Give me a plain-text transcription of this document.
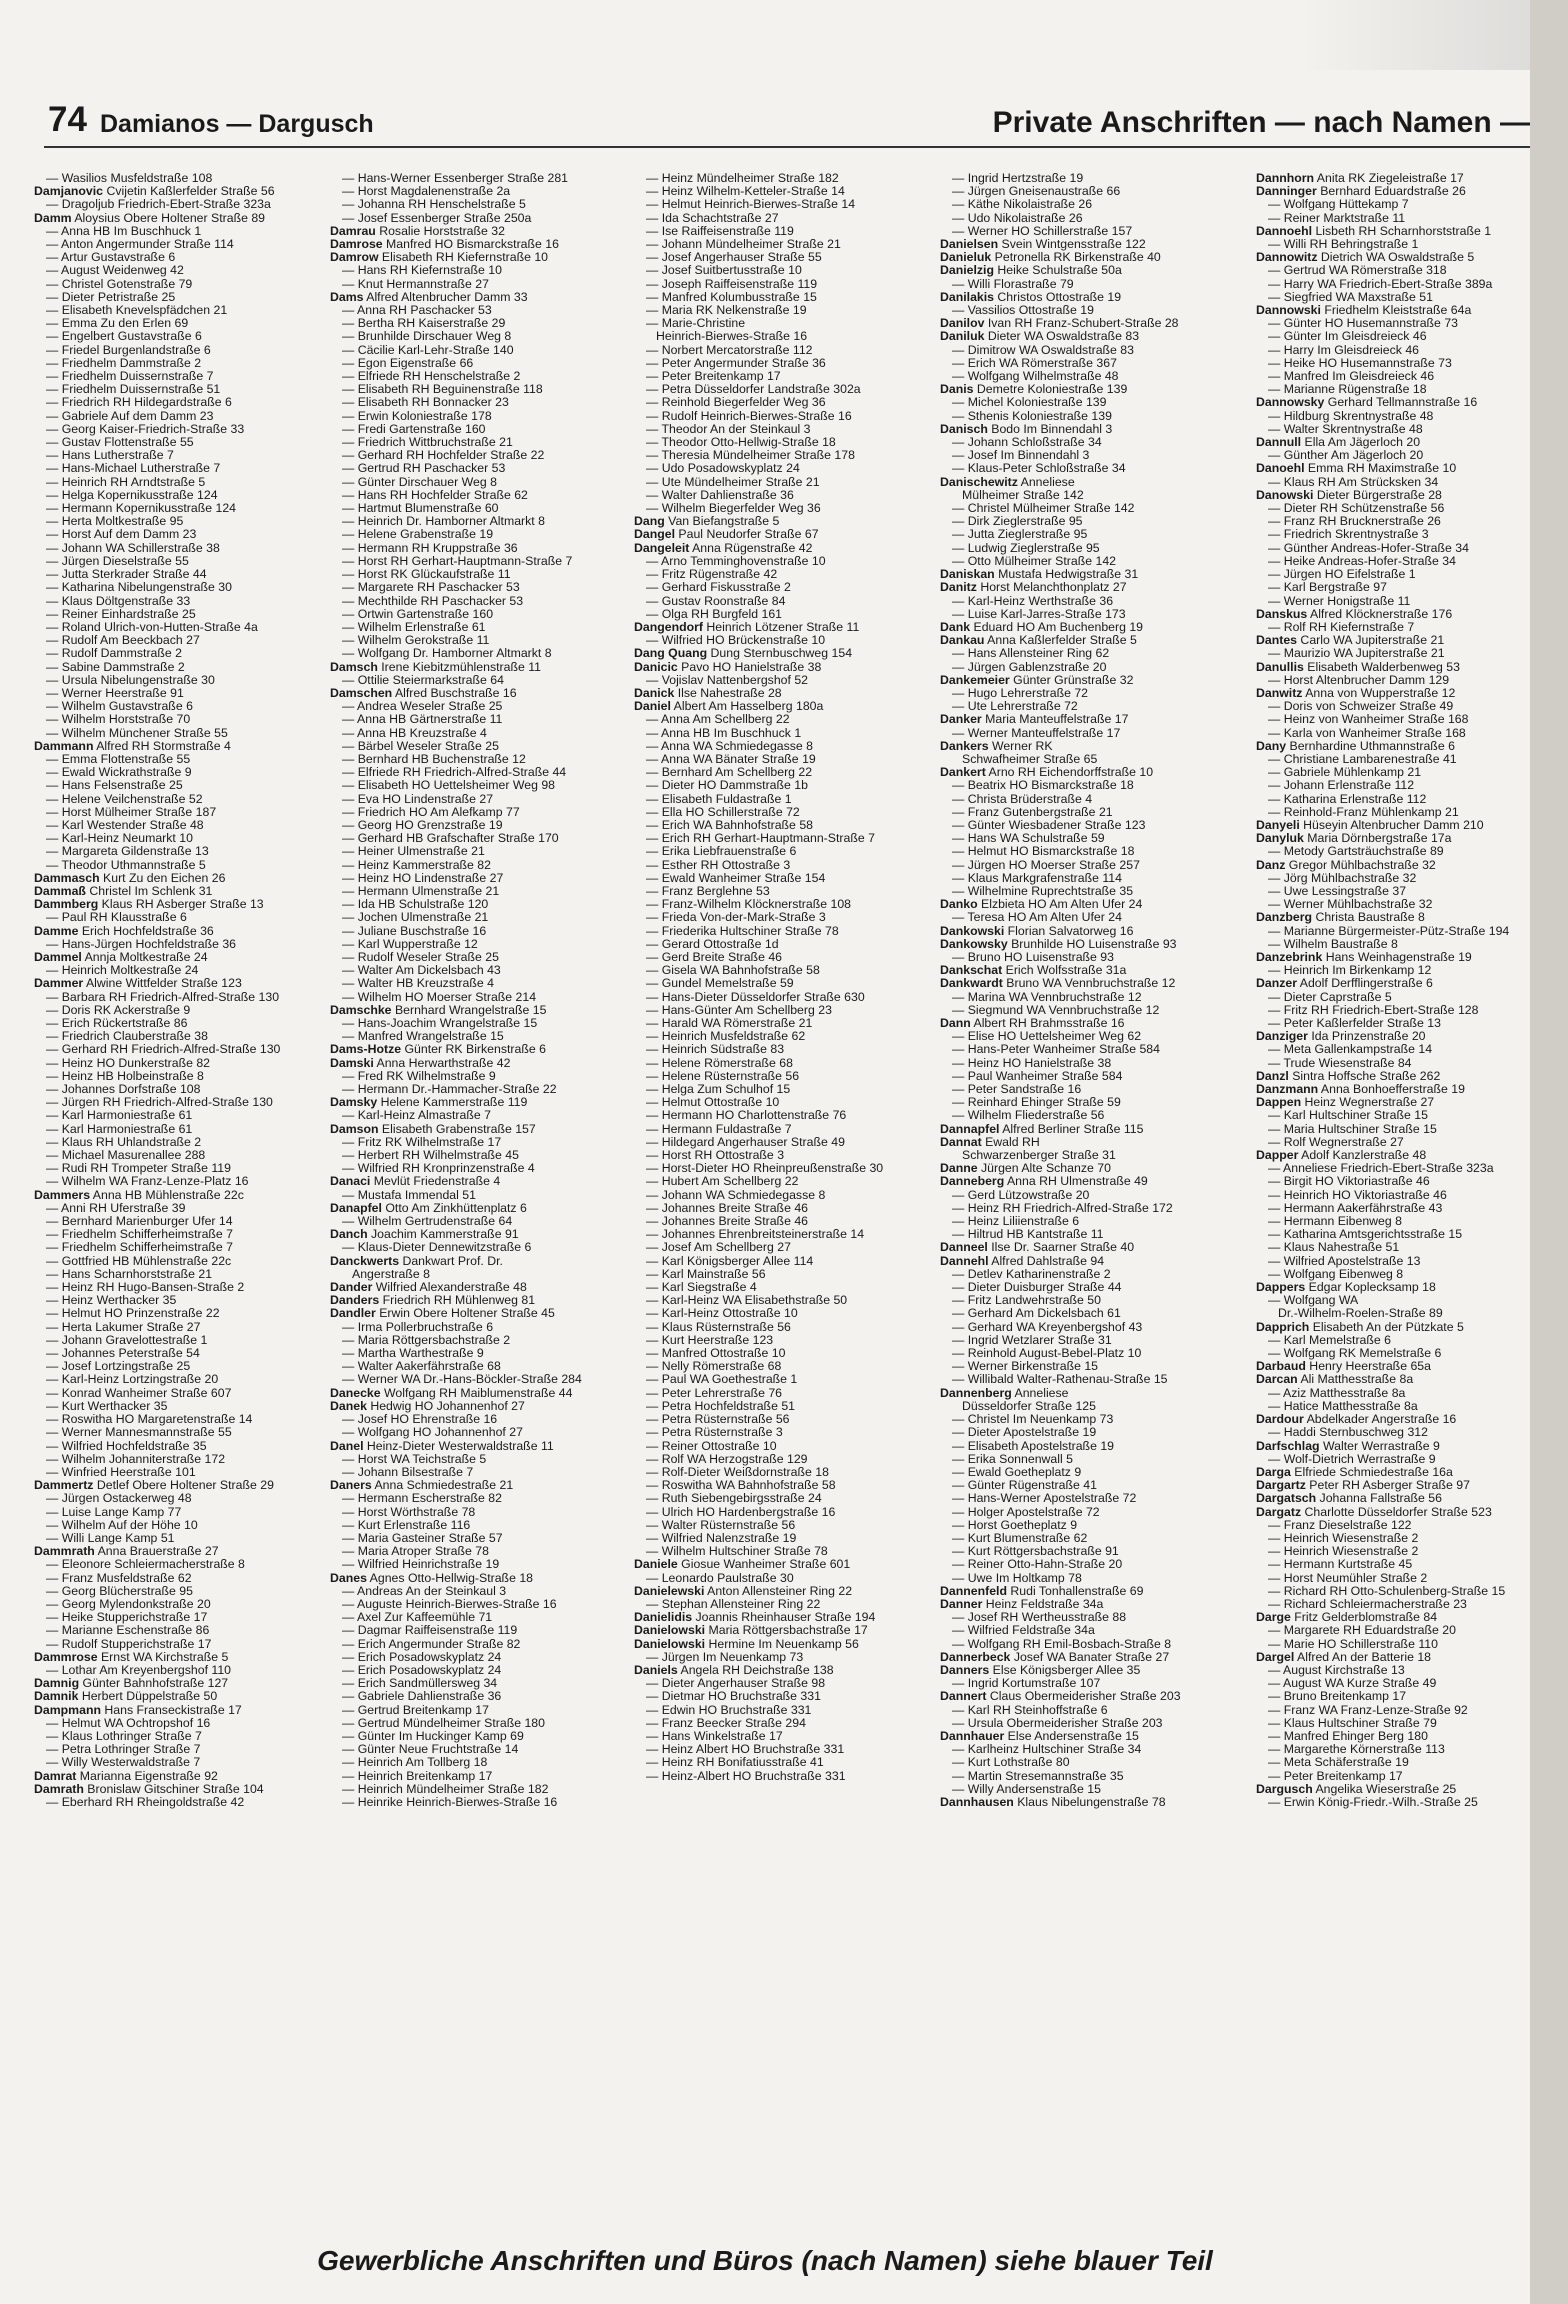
74 Damianos — Dargusch	Private Anschriften — nach Namen —
— Wasilios Musfeldstraße 108
Damjanovic Cvijetin Kaßlerfelder Straße 56
— Dragoljub Friedrich-Ebert-Straße 323a
Damm Aloysius Obere Holtener Straße 89
— Anna HB Im Buschhuck 1
— Anton Angermunder Straße 114
— Artur Gustavstraße 6
— August Weidenweg 42
— Christel Gotenstraße 79
— Dieter Petristraße 25
— Elisabeth Knevelspfädchen 21
— Emma Zu den Erlen 69
— Engelbert Gustavstraße 6
— Friedel Burgenlandstraße 6
— Friedhelm Dammstraße 2
— Friedhelm Duissernstraße 7
— Friedhelm Duissernstraße 51
— Friedrich RH Hildegardstraße 6
— Gabriele Auf dem Damm 23
— Georg Kaiser-Friedrich-Straße 33
— Gustav Flottenstraße 55
— Hans Lutherstraße 7
— Hans-Michael Lutherstraße 7
— Heinrich RH Arndtstraße 5
— Helga Kopernikusstraße 124
— Hermann Kopernikusstraße 124
— Herta Moltkestraße 95
— Horst Auf dem Damm 23
— Johann WA Schillerstraße 38
— Jürgen Dieselstraße 55
— Jutta Sterkrader Straße 44
— Katharina Nibelungenstraße 30
— Klaus Döltgenstraße 33
— Reiner Einhardstraße 25
— Roland Ulrich-von-Hutten-Straße 4a
— Rudolf Am Beeckbach 27
— Rudolf Dammstraße 2
— Sabine Dammstraße 2
— Ursula Nibelungenstraße 30
— Werner Heerstraße 91
— Wilhelm Gustavstraße 6
— Wilhelm Horststraße 70
— Wilhelm Münchener Straße 55
Dammann Alfred RH Stormstraße 4
— Emma Flottenstraße 55
— Ewald Wickrathstraße 9
— Hans Felsenstraße 25
— Helene Veilchenstraße 52
— Horst Mülheimer Straße 187
— Karl Westender Straße 48
— Karl-Heinz Neumarkt 10
— Margareta Gildenstraße 13
— Theodor Uthmannstraße 5
Dammasch Kurt Zu den Eichen 26
Dammaß Christel Im Schlenk 31
Dammberg Klaus RH Asberger Straße 13
— Paul RH Klausstraße 6
Damme Erich Hochfeldstraße 36
— Hans-Jürgen Hochfeldstraße 36
Dammel Annja Moltkestraße 24
— Heinrich Moltkestraße 24
Dammer Alwine Wittfelder Straße 123
— Barbara RH Friedrich-Alfred-Straße 130
— Doris RK Ackerstraße 9
— Erich Rückertstraße 86
— Friedrich Clauberstraße 38
— Gerhard RH Friedrich-Alfred-Straße 130
— Heinz HO Dunkerstraße 82
— Heinz HB Holbeinstraße 8
— Johannes Dorfstraße 108
— Jürgen RH Friedrich-Alfred-Straße 130
— Karl Harmoniestraße 61
— Karl Harmoniestraße 61
— Klaus RH Uhlandstraße 2
— Michael Masurenallee 288
— Rudi RH Trompeter Straße 119
— Wilhelm WA Franz-Lenze-Platz 16
Dammers Anna HB Mühlenstraße 22c
— Anni RH Uferstraße 39
— Bernhard Marienburger Ufer 14
— Friedhelm Schifferheimstraße 7
— Friedhelm Schifferheimstraße 7
— Gottfried HB Mühlenstraße 22c
— Hans Scharnhorststraße 21
— Heinz RH Hugo-Bansen-Straße 2
— Heinz Werthacker 35
— Helmut HO Prinzenstraße 22
— Herta Lakumer Straße 27
— Johann Gravelottestraße 1
— Johannes Peterstraße 54
— Josef Lortzingstraße 25
— Karl-Heinz Lortzingstraße 20
— Konrad Wanheimer Straße 607
— Kurt Werthacker 35
— Roswitha HO Margaretenstraße 14
— Werner Mannesmannstraße 55
— Wilfried Hochfeldstraße 35
— Wilhelm Johanniterstraße 172
— Winfried Heerstraße 101
Dammertz Detlef Obere Holtener Straße 29
— Jürgen Ostackerweg 48
— Luise Lange Kamp 77
— Wilhelm Auf der Höhe 10
— Willi Lange Kamp 51
Dammrath Anna Brauerstraße 27
— Eleonore Schleiermacherstraße 8
— Franz Musfeldstraße 62
— Georg Blücherstraße 95
— Georg Mylendonkstraße 20
— Heike Stupperichstraße 17
— Marianne Eschenstraße 86
— Rudolf Stupperichstraße 17
Dammrose Ernst WA Kirchstraße 5
— Lothar Am Kreyenbergshof 110
Damnig Günter Bahnhofstraße 127
Damnik Herbert Düppelstraße 50
Dampmann Hans Franseckistraße 17
— Helmut WA Ochtropshof 16
— Klaus Lothringer Straße 7
— Petra Lothringer Straße 7
— Willy Westerwaldstraße 7
Damrat Marianna Eigenstraße 92
Damrath Bronislaw Gitschiner Straße 104
— Eberhard RH Rheingoldstraße 42
— Hans-Werner Essenberger Straße 281
— Horst Magdalenenstraße 2a
— Johanna RH Henschelstraße 5
— Josef Essenberger Straße 250a
Damrau Rosalie Horststraße 32
Damrose Manfred HO Bismarckstraße 16
Damrow Elisabeth RH Kiefernstraße 10
— Hans RH Kiefernstraße 10
— Knut Hermannstraße 27
Dams Alfred Altenbrucher Damm 33
— Anna RH Paschacker 53
— Bertha RH Kaiserstraße 29
— Brunhilde Dirschauer Weg 8
— Cäcilie Karl-Lehr-Straße 140
— Egon Eigenstraße 66
— Elfriede RH Henschelstraße 2
— Elisabeth RH Beguinenstraße 118
— Elisabeth RH Bonnacker 23
— Erwin Koloniestraße 178
— Fredi Gartenstraße 160
— Friedrich Wittbruchstraße 21
— Gerhard RH Hochfelder Straße 22
— Gertrud RH Paschacker 53
— Günter Dirschauer Weg 8
— Hans RH Hochfelder Straße 62
— Hartmut Blumenstraße 60
— Heinrich Dr. Hamborner Altmarkt 8
— Helene Grabenstraße 19
— Hermann RH Kruppstraße 36
— Horst RH Gerhart-Hauptmann-Straße 7
— Horst RK Glückaufstraße 11
— Margarete RH Paschacker 53
— Mechthilde RH Paschacker 53
— Ortwin Gartenstraße 160
— Wilhelm Erlenstraße 61
— Wilhelm Gerokstraße 11
— Wolfgang Dr. Hamborner Altmarkt 8
Damsch Irene Kiebitzmühlenstraße 11
— Ottilie Steiermarkstraße 64
Damschen Alfred Buschstraße 16
— Andrea Weseler Straße 25
— Anna HB Gärtnerstraße 11
— Anna HB Kreuzstraße 4
— Bärbel Weseler Straße 25
— Bernhard HB Buchenstraße 12
— Elfriede RH Friedrich-Alfred-Straße 44
— Elisabeth HO Uettelsheimer Weg 98
— Eva HO Lindenstraße 27
— Friedrich HO Am Alefkamp 77
— Georg HO Grenzstraße 19
— Gerhard HB Grafschafter Straße 170
— Heiner Ulmenstraße 21
— Heinz Kammerstraße 82
— Heinz HO Lindenstraße 27
— Hermann Ulmenstraße 21
— Ida HB Schulstraße 120
— Jochen Ulmenstraße 21
— Juliane Buschstraße 16
— Karl Wupperstraße 12
— Rudolf Weseler Straße 25
— Walter Am Dickelsbach 43
— Walter HB Kreuzstraße 4
— Wilhelm HO Moerser Straße 214
Damschke Bernhard Wrangelstraße 15
— Hans-Joachim Wrangelstraße 15
— Manfred Wrangelstraße 15
Dams-Hotze Günter RK Birkenstraße 6
Damski Anna Herwarthstraße 42
— Fred RK Wilhelmstraße 9
— Hermann Dr.-Hammacher-Straße 22
Damsky Helene Kammerstraße 119
— Karl-Heinz Almastraße 7
Damson Elisabeth Grabenstraße 157
— Fritz RK Wilhelmstraße 17
— Herbert RH Wilhelmstraße 45
— Wilfried RH Kronprinzenstraße 4
Danaci Mevlüt Friedenstraße 4
— Mustafa Immendal 51
Danapfel Otto Am Zinkhüttenplatz 6
— Wilhelm Gertrudenstraße 64
Danch Joachim Kammerstraße 91
— Klaus-Dieter Dennewitzstraße 6
Danckwerts Dankwart Prof. Dr.
Angerstraße 8
Dander Wilfried Alexanderstraße 48
Danders Friedrich RH Mühlenweg 81
Dandler Erwin Obere Holtener Straße 45
— Irma Pollerbruchstraße 6
— Maria Röttgersbachstraße 2
— Martha Warthestraße 9
— Walter Aakerfährstraße 68
— Werner WA Dr.-Hans-Böckler-Straße 284
Danecke Wolfgang RH Maiblumenstraße 44
Danek Hedwig HO Johannenhof 27
— Josef HO Ehrenstraße 16
— Wolfgang HO Johannenhof 27
Danel Heinz-Dieter Westerwaldstraße 11
— Horst WA Teichstraße 5
— Johann Bilsestraße 7
Daners Anna Schmiedestraße 21
— Hermann Escherstraße 82
— Horst Wörthstraße 78
— Kurt Erlenstraße 116
— Maria Gasteiner Straße 57
— Maria Atroper Straße 78
— Wilfried Heinrichstraße 19
Danes Agnes Otto-Hellwig-Straße 18
— Andreas An der Steinkaul 3
— Auguste Heinrich-Bierwes-Straße 16
— Axel Zur Kaffeemühle 71
— Dagmar Raiffeisenstraße 119
— Erich Angermunder Straße 82
— Erich Posadowskyplatz 24
— Erich Posadowskyplatz 24
— Erich Sandmüllersweg 34
— Gabriele Dahlienstraße 36
— Gertrud Breitenkamp 17
— Gertrud Mündelheimer Straße 180
— Günter Im Huckinger Kamp 69
— Günter Neue Fruchtstraße 14
— Heinrich Am Tollberg 18
— Heinrich Breitenkamp 17
— Heinrich Mündelheimer Straße 182
— Heinrike Heinrich-Bierwes-Straße 16
— Heinz Mündelheimer Straße 182
— Heinz Wilhelm-Ketteler-Straße 14
— Helmut Heinrich-Bierwes-Straße 14
— Ida Schachtstraße 27
— Ise Raiffeisenstraße 119
— Johann Mündelheimer Straße 21
— Josef Angerhauser Straße 55
— Josef Suitbertusstraße 10
— Joseph Raiffeisenstraße 119
— Manfred Kolumbusstraße 15
— Maria RK Nelkenstraße 19
— Marie-Christine
Heinrich-Bierwes-Straße 16
— Norbert Mercatorstraße 112
— Peter Angermunder Straße 36
— Peter Breitenkamp 17
— Petra Düsseldorfer Landstraße 302a
— Reinhold Biegerfelder Weg 36
— Rudolf Heinrich-Bierwes-Straße 16
— Theodor An der Steinkaul 3
— Theodor Otto-Hellwig-Straße 18
— Theresia Mündelheimer Straße 178
— Udo Posadowskyplatz 24
— Ute Mündelheimer Straße 21
— Walter Dahlienstraße 36
— Wilhelm Biegerfelder Weg 36
Dang Van Biefangstraße 5
Dangel Paul Neudorfer Straße 67
Dangeleit Anna Rügenstraße 42
— Arno Temminghovenstraße 10
— Fritz Rügenstraße 42
— Gerhard Fiskusstraße 2
— Gustav Roonstraße 84
— Olga RH Burgfeld 161
Dangendorf Heinrich Lötzener Straße 11
— Wilfried HO Brückenstraße 10
Dang Quang Dung Sternbuschweg 154
Danicic Pavo HO Hanielstraße 38
— Vojislav Nattenbergshof 52
Danick Ilse Nahestraße 28
Daniel Albert Am Hasselberg 180a
— Anna Am Schellberg 22
— Anna HB Im Buschhuck 1
— Anna WA Schmiedegasse 8
— Anna WA Bänater Straße 19
— Bernhard Am Schellberg 22
— Dieter HO Dammstraße 1b
— Elisabeth Fuldastraße 1
— Ella HO Schillerstraße 72
— Erich WA Bahnhofstraße 58
— Erich RH Gerhart-Hauptmann-Straße 7
— Erika Liebfrauenstraße 6
— Esther RH Ottostraße 3
— Ewald Wanheimer Straße 154
— Franz Berglehne 53
— Franz-Wilhelm Klöcknerstraße 108
— Frieda Von-der-Mark-Straße 3
— Friederika Hultschiner Straße 78
— Gerard Ottostraße 1d
— Gerd Breite Straße 46
— Gisela WA Bahnhofstraße 58
— Gundel Memelstraße 59
— Hans-Dieter Düsseldorfer Straße 630
— Hans-Günter Am Schellberg 23
— Harald WA Römerstraße 21
— Heinrich Musfeldstraße 62
— Heinrich Südstraße 83
— Helene Römerstraße 68
— Helene Rüsternstraße 56
— Helga Zum Schulhof 15
— Helmut Ottostraße 10
— Hermann HO Charlottenstraße 76
— Hermann Fuldastraße 7
— Hildegard Angerhauser Straße 49
— Horst RH Ottostraße 3
— Horst-Dieter HO Rheinpreußenstraße 30
— Hubert Am Schellberg 22
— Johann WA Schmiedegasse 8
— Johannes Breite Straße 46
— Johannes Breite Straße 46
— Johannes Ehrenbreitsteinerstraße 14
— Josef Am Schellberg 27
— Karl Königsberger Allee 114
— Karl Mainstraße 56
— Karl Siegstraße 4
— Karl-Heinz WA Elisabethstraße 50
— Karl-Heinz Ottostraße 10
— Klaus Rüsternstraße 56
— Kurt Heerstraße 123
— Manfred Ottostraße 10
— Nelly Römerstraße 68
— Paul WA Goethestraße 1
— Peter Lehrerstraße 76
— Petra Hochfeldstraße 51
— Petra Rüsternstraße 56
— Petra Rüsternstraße 3
— Reiner Ottostraße 10
— Rolf WA Herzogstraße 129
— Rolf-Dieter Weißdornstraße 18
— Roswitha WA Bahnhofstraße 58
— Ruth Siebengebirgsstraße 24
— Ulrich HO Hardenbergstraße 16
— Walter Rüsternstraße 56
— Wilfried Nalenzstraße 19
— Wilhelm Hultschiner Straße 78
Daniele Giosue Wanheimer Straße 601
— Leonardo Paulstraße 30
Danielewski Anton Allensteiner Ring 22
— Stephan Allensteiner Ring 22
Danielidis Joannis Rheinhauser Straße 194
Danielowski Maria Röttgersbachstraße 17
Danielowski Hermine Im Neuenkamp 56
— Jürgen Im Neuenkamp 73
Daniels Angela RH Deichstraße 138
— Dieter Angerhauser Straße 98
— Dietmar HO Bruchstraße 331
— Edwin HO Bruchstraße 331
— Franz Beecker Straße 294
— Hans Winkelstraße 17
— Heinz Albert HO Bruchstraße 331
— Heinz RH Bonifatiusstraße 41
— Heinz-Albert HO Bruchstraße 331
— Ingrid Hertzstraße 19
— Jürgen Gneisenaustraße 66
— Käthe Nikolaistraße 26
— Udo Nikolaistraße 26
— Werner HO Schillerstraße 157
Danielsen Svein Wintgensstraße 122
Danieluk Petronella RK Birkenstraße 40
Danielzig Heike Schulstraße 50a
— Willi Florastraße 79
Danilakis Christos Ottostraße 19
— Vassilios Ottostraße 19
Danilov Ivan RH Franz-Schubert-Straße 28
Daniluk Dieter WA Oswaldstraße 83
— Dimitrow WA Oswaldstraße 83
— Erich WA Römerstraße 367
— Wolfgang Wilhelmstraße 48
Danis Demetre Koloniestraße 139
— Michel Koloniestraße 139
— Sthenis Koloniestraße 139
Danisch Bodo Im Binnendahl 3
— Johann Schloßstraße 34
— Josef Im Binnendahl 3
— Klaus-Peter Schloßstraße 34
Danischewitz Anneliese
Mülheimer Straße 142
— Christel Mülheimer Straße 142
— Dirk Zieglerstraße 95
— Jutta Zieglerstraße 95
— Ludwig Zieglerstraße 95
— Otto Mülheimer Straße 142
Daniskan Mustafa Hedwigstraße 31
Danitz Horst Melanchthonplatz 27
— Karl-Heinz Werthstraße 36
— Luise Karl-Jarres-Straße 173
Dank Eduard HO Am Buchenberg 19
Dankau Anna Kaßlerfelder Straße 5
— Hans Allensteiner Ring 62
— Jürgen Gablenzstraße 20
Dankemeier Günter Grünstraße 32
— Hugo Lehrerstraße 72
— Ute Lehrerstraße 72
Danker Maria Manteuffelstraße 17
— Werner Manteuffelstraße 17
Dankers Werner RK
Schwafheimer Straße 65
Dankert Arno RH Eichendorffstraße 10
— Beatrix HO Bismarckstraße 18
— Christa Brüderstraße 4
— Franz Gutenbergstraße 21
— Günter Wiesbadener Straße 123
— Hans WA Schulstraße 59
— Helmut HO Bismarckstraße 18
— Jürgen HO Moerser Straße 257
— Klaus Markgrafenstraße 114
— Wilhelmine Ruprechtstraße 35
Danko Elzbieta HO Am Alten Ufer 24
— Teresa HO Am Alten Ufer 24
Dankowski Florian Salvatorweg 16
Dankowsky Brunhilde HO Luisenstraße 93
— Bruno HO Luisenstraße 93
Dankschat Erich Wolfsstraße 31a
Dankwardt Bruno WA Vennbruchstraße 12
— Marina WA Vennbruchstraße 12
— Siegmund WA Vennbruchstraße 12
Dann Albert RH Brahmsstraße 16
— Elise HO Uettelsheimer Weg 62
— Hans-Peter Wanheimer Straße 584
— Heinz HO Hanielstraße 38
— Paul Wanheimer Straße 584
— Peter Sandstraße 16
— Reinhard Ehinger Straße 59
— Wilhelm Fliederstraße 56
Dannapfel Alfred Berliner Straße 115
Dannat Ewald RH
Schwarzenberger Straße 31
Danne Jürgen Alte Schanze 70
Danneberg Anna RH Ulmenstraße 49
— Gerd Lützowstraße 20
— Heinz RH Friedrich-Alfred-Straße 172
— Heinz Liliienstraße 6
— Hiltrud HB Kantstraße 11
Danneel Ilse Dr. Saarner Straße 40
Dannehl Alfred Dahlstraße 94
— Detlev Katharinenstraße 2
— Dieter Duisburger Straße 44
— Fritz Landwehrstraße 50
— Gerhard Am Dickelsbach 61
— Gerhard WA Kreyenbergshof 43
— Ingrid Wetzlarer Straße 31
— Reinhold August-Bebel-Platz 10
— Werner Birkenstraße 15
— Willibald Walter-Rathenau-Straße 15
Dannenberg Anneliese
Düsseldorfer Straße 125
— Christel Im Neuenkamp 73
— Dieter Apostelstraße 19
— Elisabeth Apostelstraße 19
— Erika Sonnenwall 5
— Ewald Goetheplatz 9
— Günter Rügenstraße 41
— Hans-Werner Apostelstraße 72
— Holger Apostelstraße 72
— Horst Goetheplatz 9
— Kurt Blumenstraße 62
— Kurt Röttgersbachstraße 91
— Reiner Otto-Hahn-Straße 20
— Uwe Im Holtkamp 78
Dannenfeld Rudi Tonhallenstraße 69
Danner Heinz Feldstraße 34a
— Josef RH Wertheusstraße 88
— Wilfried Feldstraße 34a
— Wolfgang RH Emil-Bosbach-Straße 8
Dannerbeck Josef WA Banater Straße 27
Danners Else Königsberger Allee 35
— Ingrid Kortumstraße 107
Dannert Claus Obermeiderisher Straße 203
— Karl RH Steinhoffstraße 6
— Ursula Obermeiderisher Straße 203
Dannhauer Else Andersenstraße 15
— Karlheinz Hultschiner Straße 34
— Kurt Lothstraße 80
— Martin Stresemannstraße 35
— Willy Andersenstraße 15
Dannhausen Klaus Nibelungenstraße 78
Dannhorn Anita RK Ziegeleistraße 17
Danninger Bernhard Eduardstraße 26
— Wolfgang Hüttekamp 7
— Reiner Marktstraße 11
Dannoehl Lisbeth RH Scharnhorststraße 1
— Willi RH Behringstraße 1
Dannowitz Dietrich WA Oswaldstraße 5
— Gertrud WA Römerstraße 318
— Harry WA Friedrich-Ebert-Straße 389a
— Siegfried WA Maxstraße 51
Dannowski Friedhelm Kleiststraße 64a
— Günter HO Husemannstraße 73
— Günter Im Gleisdreieck 46
— Harry Im Gleisdreieck 46
— Heike HO Husemannstraße 73
— Manfred Im Gleisdreieck 46
— Marianne Rügenstraße 18
Dannowsky Gerhard Tellmannstraße 16
— Hildburg Skrentnystraße 48
— Walter Skrentnystraße 48
Dannull Ella Am Jägerloch 20
— Günther Am Jägerloch 20
Danoehl Emma RH Maximstraße 10
— Klaus RH Am Strücksken 34
Danowski Dieter Bürgerstraße 28
— Dieter RH Schützenstraße 56
— Franz RH Brucknerstraße 26
— Friedrich Skrentnystraße 3
— Günther Andreas-Hofer-Straße 34
— Heike Andreas-Hofer-Straße 34
— Jürgen HO Eifelstraße 1
— Karl Bergstraße 97
— Werner Honigstraße 11
Danskus Alfred Klöcknerstraße 176
— Rolf RH Kiefernstraße 7
Dantes Carlo WA Jupiterstraße 21
— Maurizio WA Jupiterstraße 21
Danullis Elisabeth Walderbenweg 53
— Horst Altenbrucher Damm 129
Danwitz Anna von Wupperstraße 12
— Doris von Schweizer Straße 49
— Heinz von Wanheimer Straße 168
— Karla von Wanheimer Straße 168
Dany Bernhardine Uthmannstraße 6
— Christiane Lambarenestraße 41
— Gabriele Mühlenkamp 21
— Johann Erlenstraße 112
— Katharina Erlenstraße 112
— Reinhold-Franz Mühlenkamp 21
Danyeli Hüseyin Altenbrucher Damm 210
Danyluk Maria Dörnbergstraße 17a
— Metody Gartsträuchstraße 89
Danz Gregor Mühlbachstraße 32
— Jörg Mühlbachstraße 32
— Uwe Lessingstraße 37
— Werner Mühlbachstraße 32
Danzberg Christa Baustraße 8
— Marianne Bürgermeister-Pütz-Straße 194
— Wilhelm Baustraße 8
Danzebrink Hans Weinhagenstraße 19
— Heinrich Im Birkenkamp 12
Danzer Adolf Derfflingerstraße 6
— Dieter Caprstraße 5
— Fritz RH Friedrich-Ebert-Straße 128
— Peter Kaßlerfelder Straße 13
Danziger Ida Prinzenstraße 20
— Meta Gallenkampstraße 14
— Trude Wiesenstraße 84
Danzl Sintra Hoffsche Straße 262
Danzmann Anna Bonhoefferstraße 19
Dappen Heinz Wegnerstraße 27
— Karl Hultschiner Straße 15
— Maria Hultschiner Straße 15
— Rolf Wegnerstraße 27
Dapper Adolf Kanzlerstraße 48
— Anneliese Friedrich-Ebert-Straße 323a
— Birgit HO Viktoriastraße 46
— Heinrich HO Viktoriastraße 46
— Hermann Aakerfährstraße 43
— Hermann Eibenweg 8
— Katharina Amtsgerichtsstraße 15
— Klaus Nahestraße 51
— Wilfried Apostelstraße 13
— Wolfgang Eibenweg 8
Dappers Edgar Koplecksamp 18
— Wolfgang WA
Dr.-Wilhelm-Roelen-Straße 89
Dapprich Elisabeth An der Pützkate 5
— Karl Memelstraße 6
— Wolfgang RK Memelstraße 6
Darbaud Henry Heerstraße 65a
Darcan Ali Matthesstraße 8a
— Aziz Matthesstraße 8a
— Hatice Matthesstraße 8a
Dardour Abdelkader Angerstraße 16
— Haddi Sternbuschweg 312
Darfschlag Walter Werrastraße 9
— Wolf-Dietrich Werrastraße 9
Darga Elfriede Schmiedestraße 16a
Dargartz Peter RH Asberger Straße 97
Dargatsch Johanna Fallstraße 56
Dargatz Charlotte Düsseldorfer Straße 523
— Franz Dieselstraße 122
— Heinrich Wiesenstraße 2
— Heinrich Wiesenstraße 2
— Hermann Kurtstraße 45
— Horst Neumühler Straße 2
— Richard RH Otto-Schulenberg-Straße 15
— Richard Schleiermacherstraße 23
Darge Fritz Gelderblomstraße 84
— Margarete RH Eduardstraße 20
— Marie HO Schillerstraße 110
Dargel Alfred An der Batterie 18
— August Kirchstraße 13
— August WA Kurze Straße 49
— Bruno Breitenkamp 17
— Franz WA Franz-Lenze-Straße 92
— Klaus Hultschiner Straße 79
— Manfred Ehinger Berg 180
— Margarethe Körnerstraße 113
— Meta Schäferstraße 19
— Peter Breitenkamp 17
Dargusch Angelika Wieserstraße 25
— Erwin König-Friedr.-Wilh.-Straße 25
Gewerbliche Anschriften und Büros (nach Namen) siehe blauer Teil
